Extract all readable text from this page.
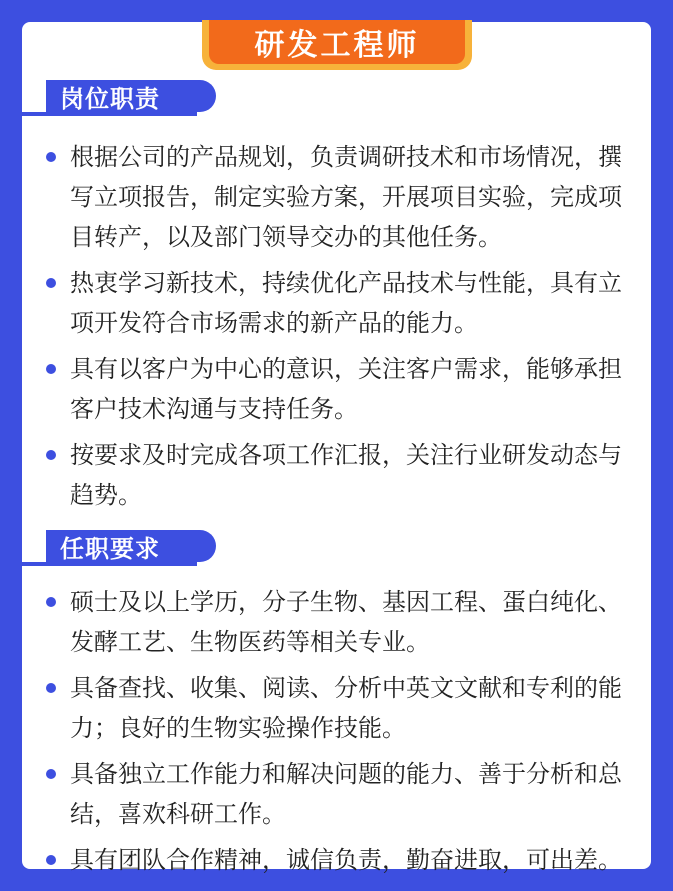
研发工程师
岗位职责
根据公司的产品规划，负责调研技术和市场情况，撰写立项报告，制定实验方案，开展项目实验，完成项目转产，以及部门领导交办的其他任务。
热衷学习新技术，持续优化产品技术与性能，具有立项开发符合市场需求的新产品的能力。
具有以客户为中心的意识，关注客户需求，能够承担客户技术沟通与支持任务。
按要求及时完成各项工作汇报，关注行业研发动态与趋势。
任职要求
硕士及以上学历，分子生物、基因工程、蛋白纯化、发酵工艺、生物医药等相关专业。
具备查找、收集、阅读、分析中英文文献和专利的能力；良好的生物实验操作技能。
具备独立工作能力和解决问题的能力、善于分析和总结，喜欢科研工作。
具有团队合作精神，诚信负责，勤奋进取，可出差。
